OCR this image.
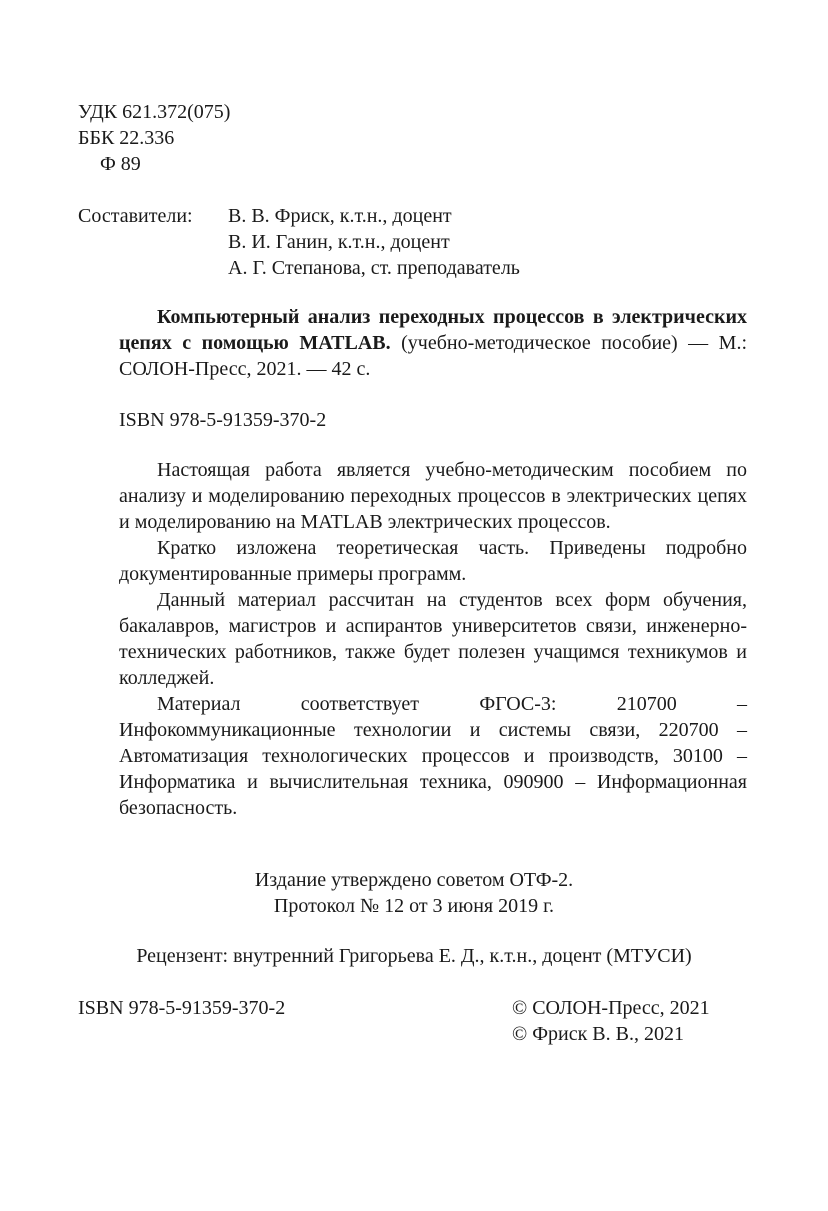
УДК 621.372(075)
ББК 22.336
Ф 89
Составители:	В. В. Фриск, к.т.н., доцент
В. И. Ганин, к.т.н., доцент
А. Г. Степанова, ст. преподаватель
Компьютерный анализ переходных процессов в электрических цепях с помощью MATLAB. (учебно-методическое пособие) — М.: СОЛОН-Пресс, 2021. — 42 с.
ISBN 978-5-91359-370-2
Настоящая работа является учебно-методическим пособием по анализу и моделированию переходных процессов в электрических цепях и моделированию на MATLAB электрических процессов.
Кратко изложена теоретическая часть. Приведены подробно документированные примеры программ.
Данный материал рассчитан на студентов всех форм обучения, бакалавров, магистров и аспирантов университетов связи, инженерно-технических работников, также будет полезен учащимся техникумов и колледжей.
Материал соответствует ФГОС-3: 210700 – Инфокоммуникационные технологии и системы связи, 220700 – Автоматизация технологических процессов и производств, 30100 – Информатика и вычислительная техника, 090900 – Информационная безопасность.
Издание утверждено советом ОТФ-2.
Протокол № 12 от 3 июня 2019 г.
Рецензент: внутренний Григорьева Е. Д., к.т.н., доцент (МТУСИ)
ISBN 978-5-91359-370-2	© СОЛОН-Пресс, 2021
© Фриск В. В., 2021
